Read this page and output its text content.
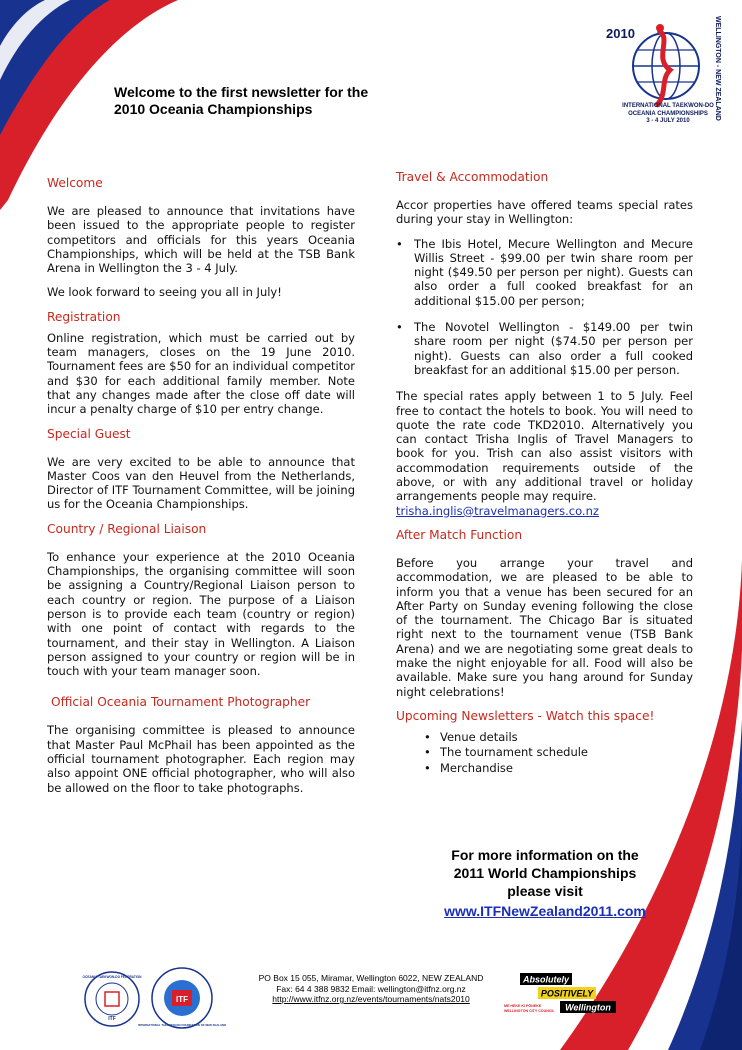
Welcome to the first newsletter for the
2010 Oceania Championships
2010	WELLINGTON - NEW ZEALAND
INTERNATIONAL TAEKWON-DO
OCEANIA CHAMPIONSHIPS
3 - 4 JULY 2010
Welcome
We are pleased to announce that invitations have been issued to the appropriate people to register competitors and officials for this years Oceania Championships, which will be held at the TSB Bank Arena in Wellington the 3 - 4 July.
We look forward to seeing you all in July!
Registration
Online registration, which must be carried out by team managers, closes on the 19 June 2010. Tournament fees are $50 for an individual competitor and $30 for each additional family member. Note that any changes made after the close off date will incur a penalty charge of $10 per entry change.
Special Guest
We are very excited to be able to announce that Master Coos van den Heuvel from the Netherlands, Director of ITF Tournament Committee, will be joining us for the Oceania Championships.
Country / Regional Liaison
To enhance your experience at the 2010 Oceania Championships, the organising committee will soon be assigning a Country/Regional Liaison person to each country or region. The purpose of a Liaison person is to provide each team (country or region) with one point of contact with regards to the tournament, and their stay in Wellington. A Liaison person assigned to your country or region will be in touch with your team manager soon.
Official Oceania Tournament Photographer
The organising committee is pleased to announce that Master Paul McPhail has been appointed as the official tournament photographer. Each region may also appoint ONE official photographer, who will also be allowed on the floor to take photographs.
Travel & Accommodation
Accor properties have offered teams special rates during your stay in Wellington:
• The Ibis Hotel, Mecure Wellington and Mecure Willis Street - $99.00 per twin share room per night ($49.50 per person per night). Guests can also order a full cooked breakfast for an additional $15.00 per person;
• The Novotel Wellington - $149.00 per twin share room per night ($74.50 per person per night). Guests can also order a full cooked breakfast for an additional $15.00 per person.
The special rates apply between 1 to 5 July. Feel free to contact the hotels to book. You will need to quote the rate code TKD2010. Alternatively you can contact Trisha Inglis of Travel Managers to book for you. Trish can also assist visitors with accommodation requirements outside of the above, or with any additional travel or holiday arrangements people may require.
trisha.inglis@travelmanagers.co.nz
After Match Function
Before you arrange your travel and accommodation, we are pleased to be able to inform you that a venue has been secured for an After Party on Sunday evening following the close of the tournament. The Chicago Bar is situated right next to the tournament venue (TSB Bank Arena) and we are negotiating some great deals to make the night enjoyable for all. Food will also be available. Make sure you hang around for Sunday night celebrations!
Upcoming Newsletters - Watch this space!
• Venue details
• The tournament schedule
• Merchandise
For more information on the
2011 World Championships
please visit
www.ITFNewZealand2011.com
ITF
OCEANIA TAEKWON-DO FEDERATION
ITF
INTERNATIONAL TAEKWON-DO FOUNDATION OF NEW ZEALAND
PO Box 15 055, Miramar, Wellington 6022, NEW ZEALAND
Fax: 64 4 388 9832 Email: wellington@itfnz.org.nz
http://www.itfnz.org.nz/events/tournaments/nats2010
Absolutely
POSITIVELY
Wellington
ME HEKE KI PŌNEKE
WELLINGTON CITY COUNCIL
